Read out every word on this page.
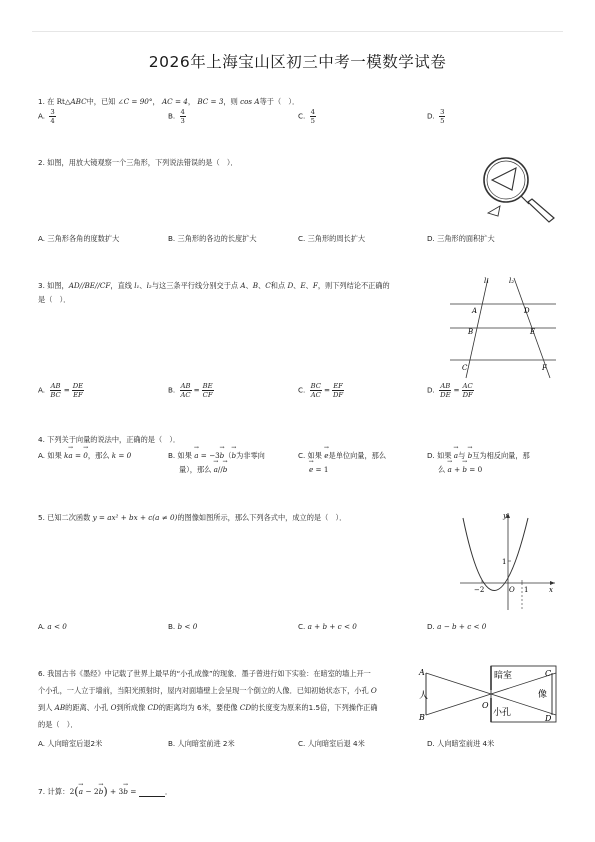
2026年上海宝山区初三中考一模数学试卷
1. 在 Rt△ABC中，已知 ∠C = 90°， AC = 4， BC = 3，则 cos A等于（　）．
A. $\frac{3}{4}$	B. $\frac{4}{3}$	C. $\frac{4}{5}$	D. $\frac{3}{5}$
2. 如图，用放大镜观察一个三角形，下列说法错误的是（　）．
A. 三角形各角的度数扩大	B. 三角形的各边的长度扩大	C. 三角形的周长扩大	D. 三角形的面积扩大
3. 如图，AD//BE//CF，直线 l₁、l₂与这三条平行线分别交于点 A、B、C和点 D、E、F，则下列结论不正确的
是（　）．
l₁	l₂
A
B
C
D
E
F
A. $\frac{AB}{BC} = \frac{DE}{EF}$	B. $\frac{AB}{AC} = \frac{BE}{CF}$	C. $\frac{BC}{AC} = \frac{EF}{DF}$	D. $\frac{AB}{DE} = \frac{AC}{DF}$
4. 下列关于向量的说法中，正确的是（　）．
A. 如果 k→ a = → 0，那么 k = 0	B. 如果 → a = −3→ b（→ b为非零向
量），那么 → a//→ b
C. 如果 → e是单位向量，那么
→ e = 1
D. 如果 → a与 → b互为相反向量，那
么 → a + → b = 0
5. 已知二次函数 y = ax² + bx + c(a ≠ 0)的图像如图所示，那么下列各式中，成立的是（　）．	y
x
O
1
−2	1
A. a < 0	B. b < 0	C. a + b + c < 0	D. a − b + c < 0
6. 我国古书《墨经》中记载了世界上最早的“小孔成像”的现象．墨子曾进行如下实验：在暗室的墙上开一
个小孔，一人立于墙前，当阳光照射时，屋内对面墙壁上会呈现一个倒立的人像．已知初始状态下，小孔 O
到人 AB的距离、小孔 O到所成像 CD的距离均为 6米，要使像 CD的长度变为原来的1.5倍，下列操作正确
的是（　）．
A
B
人
暗室
小孔
像
C
D
O
A. 人向暗室后退2米	B. 人向暗室前进 2米	C. 人向暗室后退 4米	D. 人向暗室前进 4米
7. 计算：2(→ a − 2→ b) + 3→ b =	．
